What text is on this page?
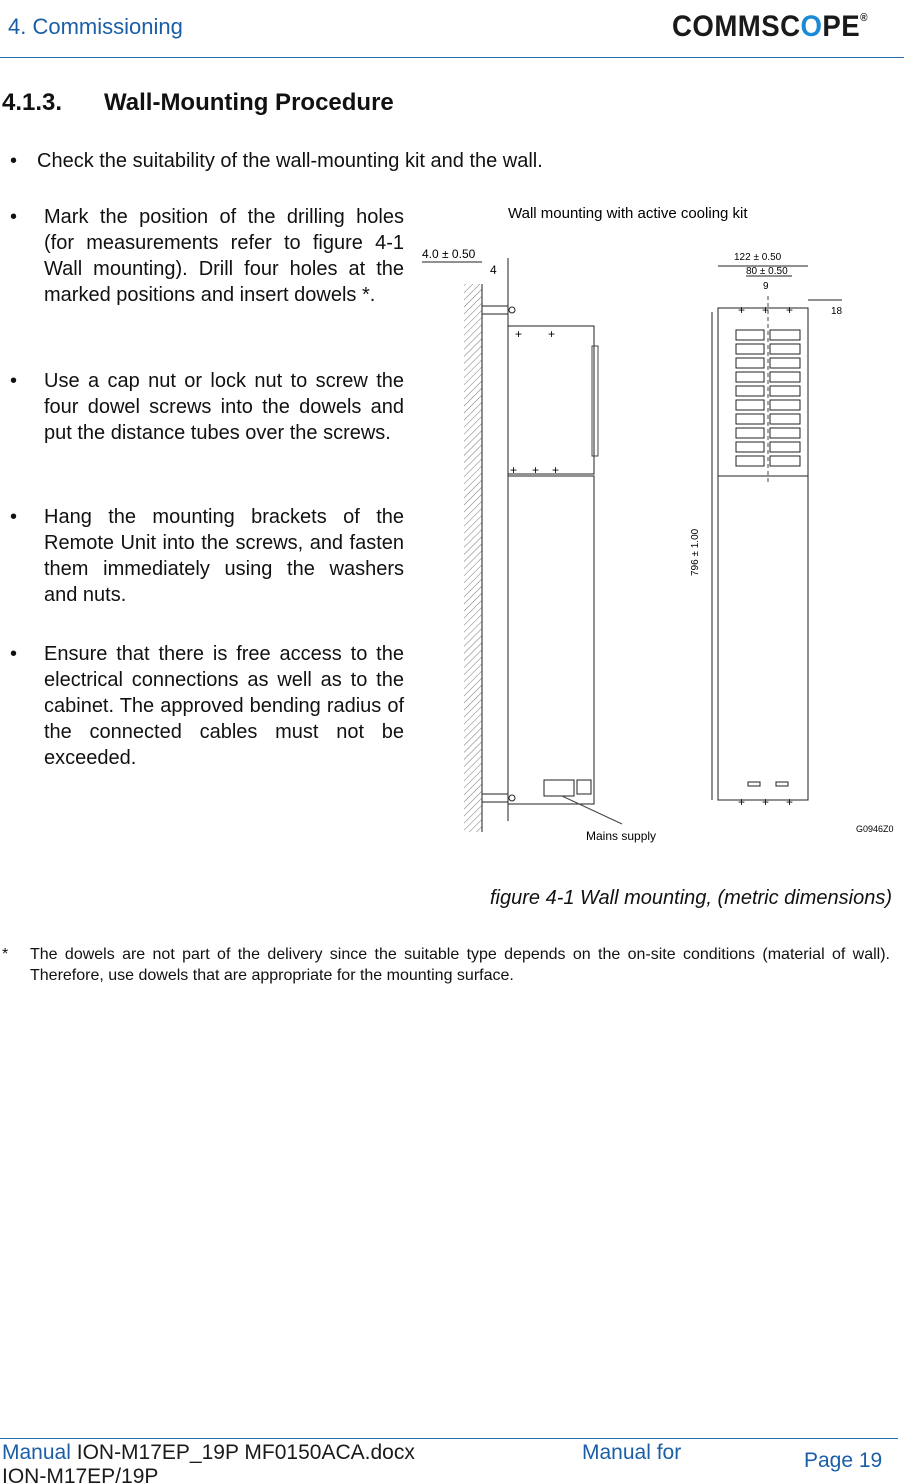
4. Commissioning	COMMSCOPE®
4.1.3. Wall-Mounting Procedure
• Check the suitability of the wall-mounting kit and the wall.
• Mark the position of the drilling holes (for measurements refer to figure 4-1 Wall mounting). Drill four holes at the marked positions and insert dowels *.
• Use a cap nut or lock nut to screw the four dowel screws into the dowels and put the distance tubes over the screws.
• Hang the mounting brackets of the Remote Unit into the screws, and fasten them immediately using the washers and nuts.
• Ensure that there is free access to the electrical connections as well as to the cabinet. The approved bending radius of the connected cables must not be exceeded.
Wall mounting with active cooling kit
+ +
+ + +
Mains supply
4.0 ± 0.50
4
+ + +
+ + +
122 ± 0.50
80 ± 0.50
9
18
796 ± 1.00
G0946Z0
figure 4-1 Wall mounting, (metric dimensions)
* The dowels are not part of the delivery since the suitable type depends on the on-site conditions (material of wall). Therefore, use dowels that are appropriate for the mounting surface.
Manual ION-M17EP_19P MF0150ACA.docx
ION-M17EP/19P
Manual for	Page 19
